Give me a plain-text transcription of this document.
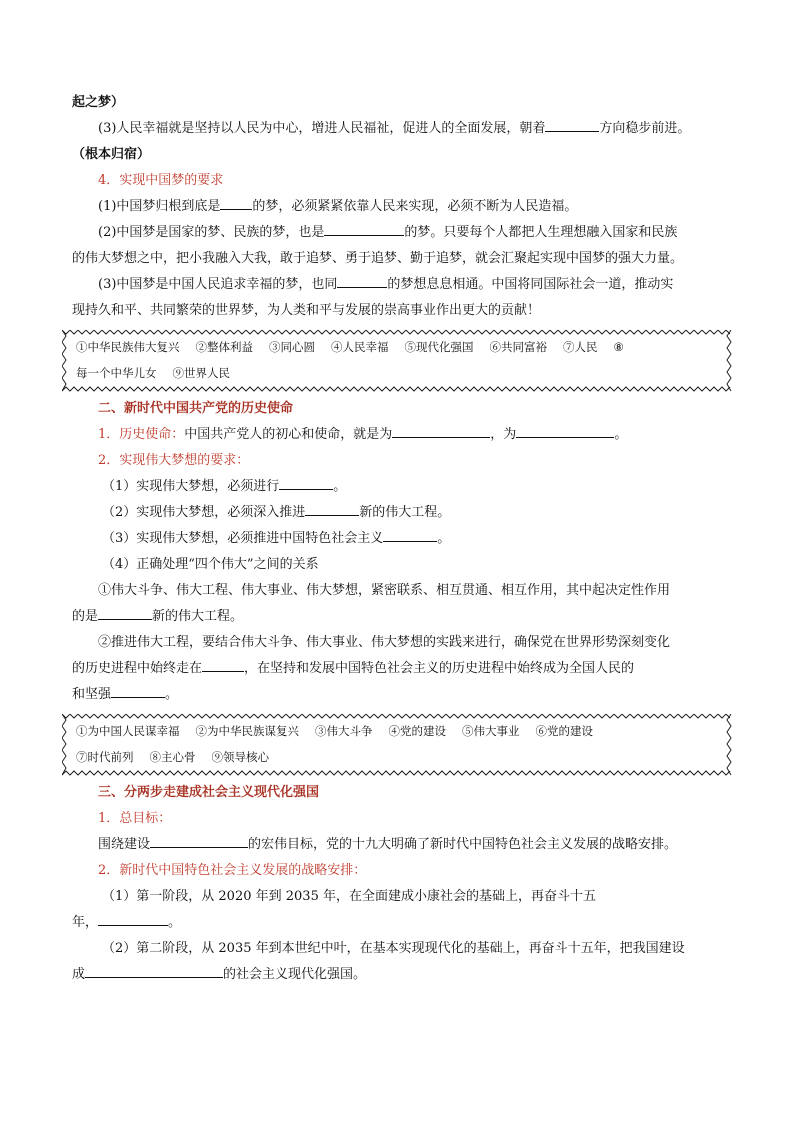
起之梦）

(3)人民幸福就是坚持以人民为中心，增进人民福祉，促进人的全面发展，朝着	方向稳步前进。

（根本归宿）

4．实现中国梦的要求

(1)中国梦归根到底是 的梦，必须紧紧依靠人民来实现，必须不断为人民造福。

(2)中国梦是国家的梦、民族的梦，也是	的梦。只要每个人都把人生理想融入国家和民族

的伟大梦想之中，把小我融入大我，敢于追梦、勇于追梦、勤于追梦，就会汇聚起实现中国梦的强大力量。

(3)中国梦是中国人民追求幸福的梦，也同	的梦想息息相通。中国将同国际社会一道，推动实

现持久和平、共同繁荣的世界梦，为人类和平与发展的崇高事业作出更大的贡献！

①中华民族伟大复兴 ②整体利益 ③同心圆 ④人民幸福 ⑤现代化强国 ⑥共同富裕 ⑦人民 ⑧
每一个中华儿女 ⑨世界人民

二、新时代中国共产党的历史使命

1．历史使命：中国共产党人的初心和使命，就是为	，为	。

2．实现伟大梦想的要求：

（1）实现伟大梦想，必须进行	。

（2）实现伟大梦想，必须深入推进	新的伟大工程。

（3）实现伟大梦想，必须推进中国特色社会主义	。

（4）正确处理“四个伟大”之间的关系

①伟大斗争、伟大工程、伟大事业、伟大梦想，紧密联系、相互贯通、相互作用，其中起决定性作用

的是	新的伟大工程。

②推进伟大工程，要结合伟大斗争、伟大事业、伟大梦想的实践来进行，确保党在世界形势深刻变化

的历史进程中始终走在	，在坚持和发展中国特色社会主义的历史进程中始终成为全国人民的

和坚强	。

①为中国人民谋幸福 ②为中华民族谋复兴 ③伟大斗争 ④党的建设 ⑤伟大事业 ⑥党的建设
⑦时代前列 ⑧主心骨 ⑨领导核心

三、分两步走建成社会主义现代化强国

1．总目标：

围绕建设	的宏伟目标，党的十九大明确了新时代中国特色社会主义发展的战略安排。

2．新时代中国特色社会主义发展的战略安排：

（1）第一阶段，从 2020 年到 2035 年，在全面建成小康社会的基础上，再奋斗十五

年，	。

（2）第二阶段，从 2035 年到本世纪中叶，在基本实现现代化的基础上，再奋斗十五年，把我国建设

成	的社会主义现代化强国。
